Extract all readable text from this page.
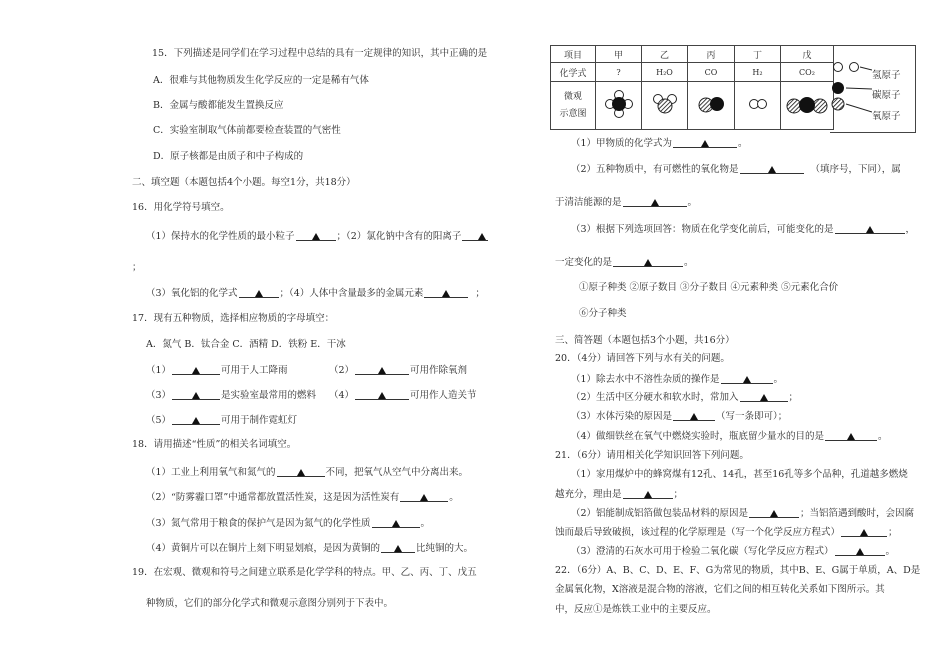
15．下列描述是同学们在学习过程中总结的具有一定规律的知识，其中正确的是
A．很难与其他物质发生化学反应的一定是稀有气体
B．金属与酸都能发生置换反应
C．实验室制取气体前都要检查装置的气密性
D．原子核都是由质子和中子构成的
二、填空题（本题包括4个小题。每空1分，共18分）
16．用化学符号填空。
（1）保持水的化学性质的最小粒子	；（2）氯化钠中含有的阳离子
；
（3）氧化铝的化学式	；（4）人体中含量最多的金属元素	；
17．现有五种物质，选择相应物质的字母填空：
A．氮气 B．钛合金 C．酒精 D．铁粉 E．干冰
（1）	可用于人工降雨	（2）	可用作除氧剂
（3）	是实验室最常用的燃料 （4）	可用作人造关节
（5）	可用于制作霓虹灯
18．请用描述“性质”的相关名词填空。
（1）工业上利用氧气和氮气的	不同，把氧气从空气中分离出来。
（2）“防雾霾口罩”中通常都放置活性炭，这是因为活性炭有	。
（3）氮气常用于粮食的保护气是因为氮气的化学性质	。
（4）黄铜片可以在铜片上刻下明显划痕，是因为黄铜的	比纯铜的大。
19．在宏观、微观和符号之间建立联系是化学学科的特点。甲、乙、丙、丁、戊五
种物质，它们的部分化学式和微观示意图分别列于下表中。
项目	甲	乙	丙	丁	戊
化学式	?	H₂O	CO	H₂	CO₂
微观
示意图					
氢原子
碳原子
氧原子
（1）甲物质的化学式为	。
（2）五种物质中，有可燃性的氧化物是	（填序号，下同），属
于清洁能源的是	。
（3）根据下列选项回答：物质在化学变化前后，可能变化的是	，
一定变化的是	。
①原子种类 ②原子数目 ③分子数目 ④元素种类 ⑤元素化合价
⑥分子种类
三、简答题（本题包括3个小题，共16分）
20．（4分）请回答下列与水有关的问题。
（1）除去水中不溶性杂质的操作是	。
（2）生活中区分硬水和软水时，常加入	；
（3）水体污染的原因是	（写一条即可）；
（4）做细铁丝在氧气中燃烧实验时，瓶底留少量水的目的是	。
21．（6分）请用相关化学知识回答下列问题。
（1）家用煤炉中的蜂窝煤有12孔、14孔，甚至16孔等多个品种，孔道越多燃烧
越充分，理由是	；
（2）铝能制成铝箔做包装品材料的原因是	；当铝箔遇到酸时，会因腐
蚀而最后导致破损，该过程的化学原理是（写一个化学反应方程式）	；
（3）澄清的石灰水可用于检验二氧化碳（写化学反应方程式）	。
22．（6分）A、B、C、D、E、F、G为常见的物质，其中B、E、G属于单质，A、D是
金属氧化物，X溶液是混合物的溶液，它们之间的相互转化关系如下图所示。其
中，反应①是炼铁工业中的主要反应。
